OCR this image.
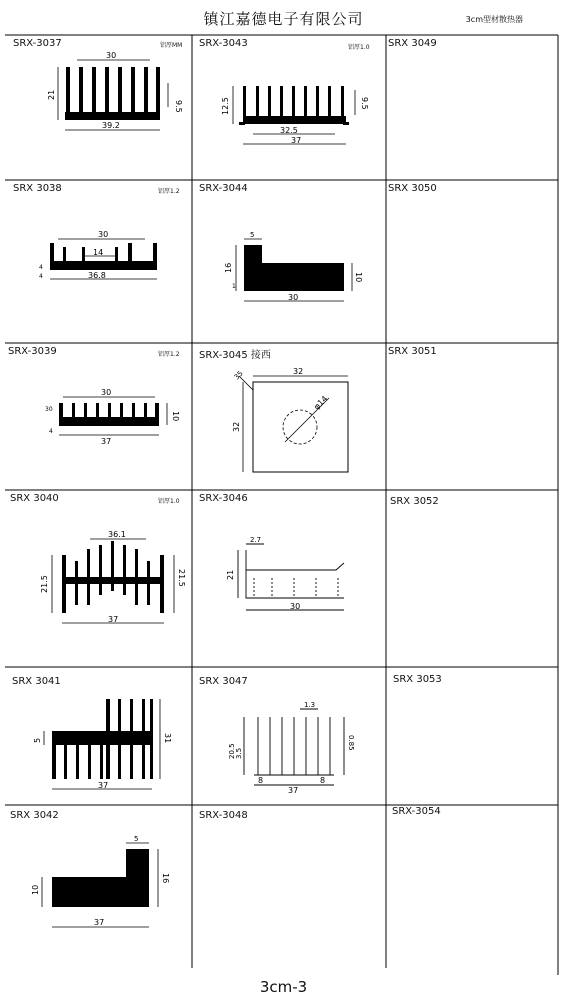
镇江嘉德电子有限公司	3cm型材散热器
SRX-3037	铝厚MM
30
21
9.5
39.2
SRX-3043	铝厚1.0
12.5	9.5
32.5
37
SRX 3049
SRX 3038	铝厚1.2
30
14
4
4	36.8
SRX-3044
5
16
10
1
30
SRX 3050
SRX-3039	铝厚1.2
30
30
10
4
37
SRX-3045 接西
32
35
32
φ14
SRX 3051
SRX 3040	铝厚1.0
36.1
21.5	21.5
37
SRX-3046
2.7
21
30
SRX 3052
SRX 3041
5	31
37
SRX 3047
1.3
20.5 3.5
0.85
8	8
37
SRX 3053
SRX 3042
5
10
16
37
SRX-3048	SRX-3054
3cm-3
